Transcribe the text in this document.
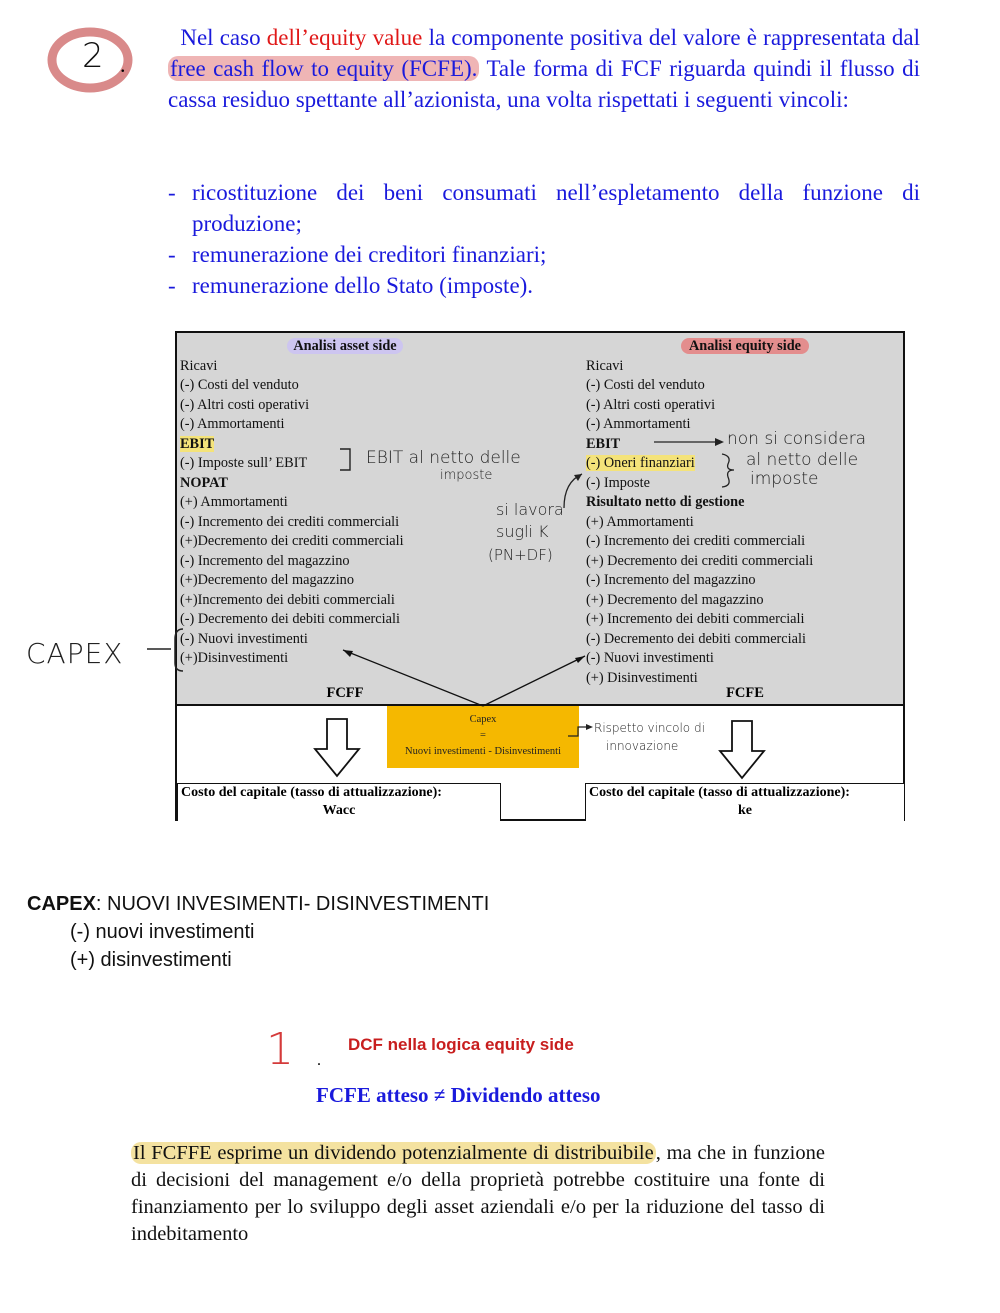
2 .
Nel caso dell’equity value la componente positiva del valore è rappresentata dal free cash flow to equity (FCFE). Tale forma di FCF riguarda quindi il flusso di cassa residuo spettante all’azionista, una volta rispettati i seguenti vincoli:
- ricostituzione dei beni consumati nell’espletamento della funzione di produzione;
- remunerazione dei creditori finanziari;
- remunerazione dello Stato (imposte).
Analisi asset side
Ricavi
(-) Costi del venduto
(-) Altri costi operativi
(-) Ammortamenti
EBIT
(-) Imposte sull’ EBIT
NOPAT
(+) Ammortamenti
(-) Incremento dei crediti commerciali
(+)Decremento dei crediti commerciali
(-) Incremento del magazzino
(+)Decremento del magazzino
(+)Incremento dei debiti commerciali
(-) Decremento dei debiti commerciali
(-) Nuovi investimenti
(+)Disinvestimenti
Analisi equity side
Ricavi
(-) Costi del venduto
(-) Altri costi operativi
(-) Ammortamenti
EBIT
(-) Oneri finanziari
(-) Imposte
Risultato netto di gestione
(+) Ammortamenti
(-) Incremento dei crediti commerciali
(+) Decremento dei crediti commerciali
(-) Incremento del magazzino
(+) Decremento del magazzino
(+) Incremento dei debiti commerciali
(-) Decremento dei debiti commerciali
(-) Nuovi investimenti
(+) Disinvestimenti
FCFF	FCFE
Capex
=
Nuovi investimenti - Disinvestimenti
Costo del capitale (tasso di attualizzazione):
Wacc
Costo del capitale (tasso di attualizzazione):
ke
CAPEX
EBIT al netto delle
imposte
si lavora
sugli K
(PN+DF)
non si considera
al netto delle
imposte
Rispetto vincolo di
innovazione
CAPEX: NUOVI INVESIMENTI- DISINVESTIMENTI
(-) nuovi investimenti
(+) disinvestimenti
1 .
DCF nella logica equity side
FCFE atteso ≠ Dividendo atteso
Il FCFFE esprime un dividendo potenzialmente di distribuibile, ma che in funzione di decisioni del management e/o della proprietà potrebbe costituire una fonte di finanziamento per lo sviluppo degli asset aziendali e/o per la riduzione del tasso di indebitamento
